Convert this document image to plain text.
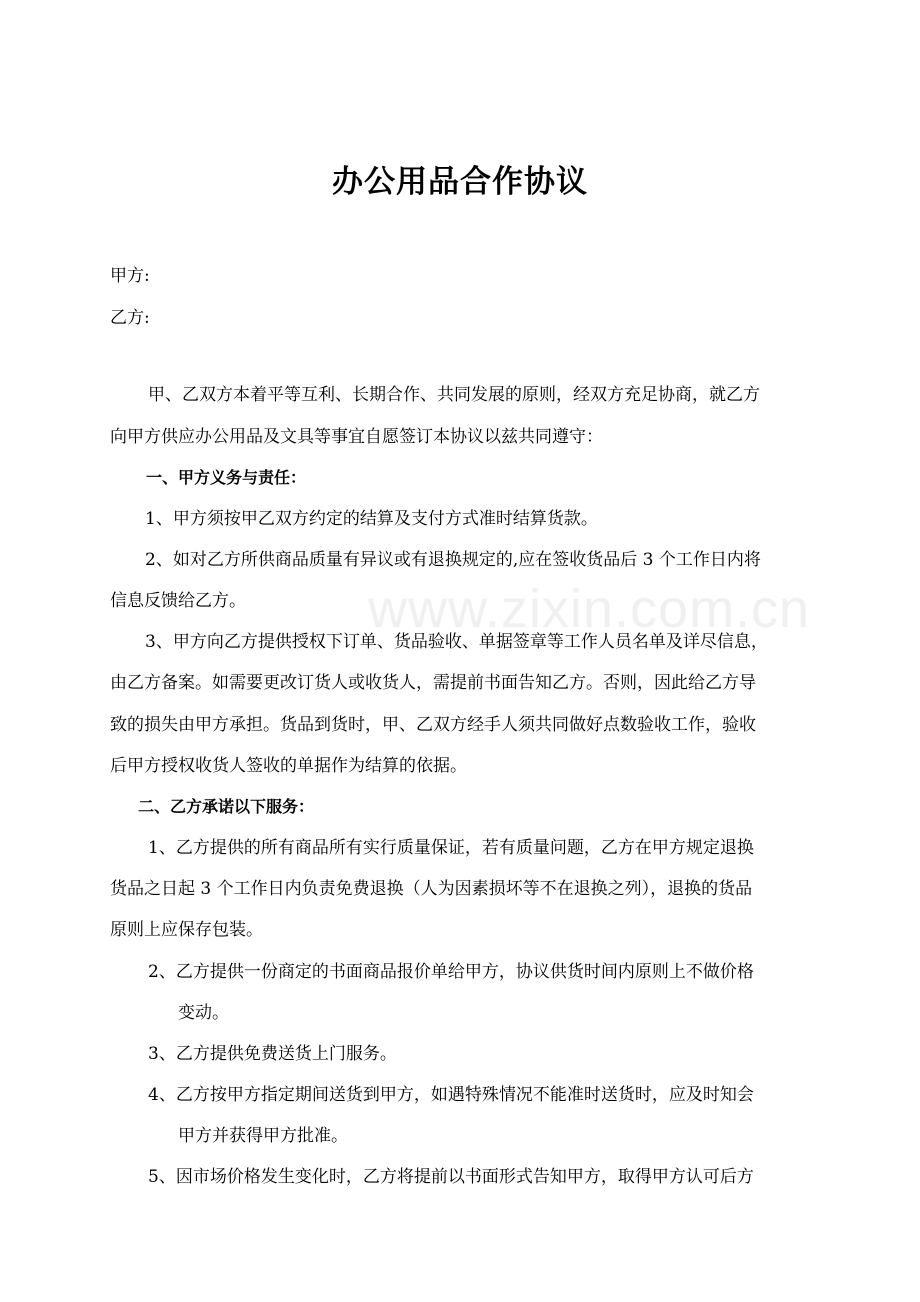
www.zixin.com.cn
办公用品合作协议
甲方:
乙方:
甲、乙双方本着平等互利、长期合作、共同发展的原则，经双方充足协商，就乙方
向甲方供应办公用品及文具等事宜自愿签订本协议以兹共同遵守：
一、甲方义务与责任：
1、甲方须按甲乙双方约定的结算及支付方式准时结算货款。
2、如对乙方所供商品质量有异议或有退换规定的,应在签收货品后 3 个工作日内将
信息反馈给乙方。
3、甲方向乙方提供授权下订单、货品验收、单据签章等工作人员名单及详尽信息，
由乙方备案。如需要更改订货人或收货人，需提前书面告知乙方。否则，因此给乙方导
致的损失由甲方承担。货品到货时，甲、乙双方经手人须共同做好点数验收工作，验收
后甲方授权收货人签收的单据作为结算的依据。
二、乙方承诺以下服务：
1、乙方提供的所有商品所有实行质量保证，若有质量问题，乙方在甲方规定退换
货品之日起 3 个工作日内负责免费退换（人为因素损坏等不在退换之列），退换的货品
原则上应保存包装。
2、乙方提供一份商定的书面商品报价单给甲方，协议供货时间内原则上不做价格
变动。
3、乙方提供免费送货上门服务。
4、乙方按甲方指定期间送货到甲方，如遇特殊情况不能准时送货时，应及时知会
甲方并获得甲方批准。
5、因市场价格发生变化时，乙方将提前以书面形式告知甲方，取得甲方认可后方
